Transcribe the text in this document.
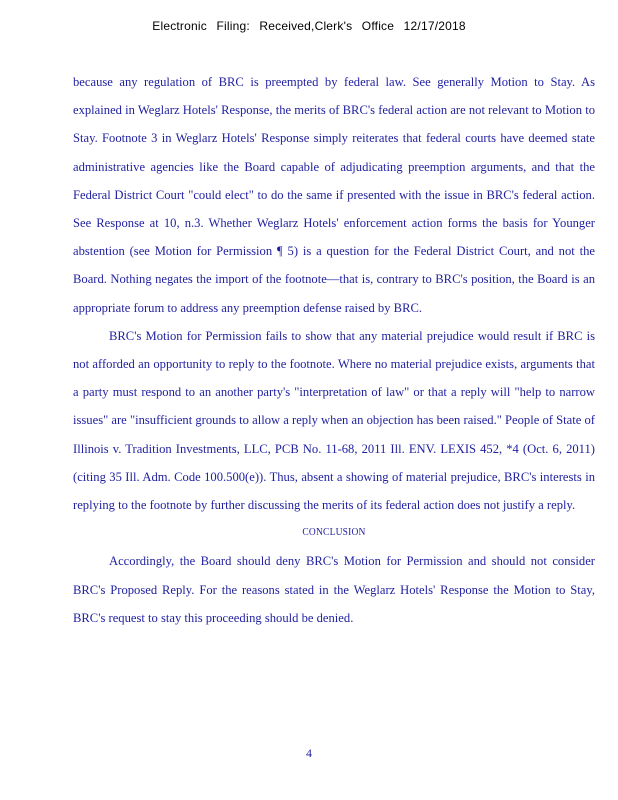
Electronic Filing: Received,Clerk's Office 12/17/2018

because any regulation of BRC is preempted by federal law. See generally Motion to Stay. As explained in Weglarz Hotels' Response, the merits of BRC's federal action are not relevant to Motion to Stay. Footnote 3 in Weglarz Hotels' Response simply reiterates that federal courts have deemed state administrative agencies like the Board capable of adjudicating preemption arguments, and that the Federal District Court "could elect" to do the same if presented with the issue in BRC's federal action. See Response at 10, n.3. Whether Weglarz Hotels' enforcement action forms the basis for Younger abstention (see Motion for Permission ¶ 5) is a question for the Federal District Court, and not the Board. Nothing negates the import of the footnote—that is, contrary to BRC's position, the Board is an appropriate forum to address any preemption defense raised by BRC.

BRC's Motion for Permission fails to show that any material prejudice would result if BRC is not afforded an opportunity to reply to the footnote. Where no material prejudice exists, arguments that a party must respond to an another party's "interpretation of law" or that a reply will "help to narrow issues" are "insufficient grounds to allow a reply when an objection has been raised." People of State of Illinois v. Tradition Investments, LLC, PCB No. 11-68, 2011 Ill. ENV. LEXIS 452, *4 (Oct. 6, 2011) (citing 35 Ill. Adm. Code 100.500(e)). Thus, absent a showing of material prejudice, BRC's interests in replying to the footnote by further discussing the merits of its federal action does not justify a reply.

CONCLUSION

Accordingly, the Board should deny BRC's Motion for Permission and should not consider BRC's Proposed Reply. For the reasons stated in the Weglarz Hotels' Response the Motion to Stay, BRC's request to stay this proceeding should be denied.

4
